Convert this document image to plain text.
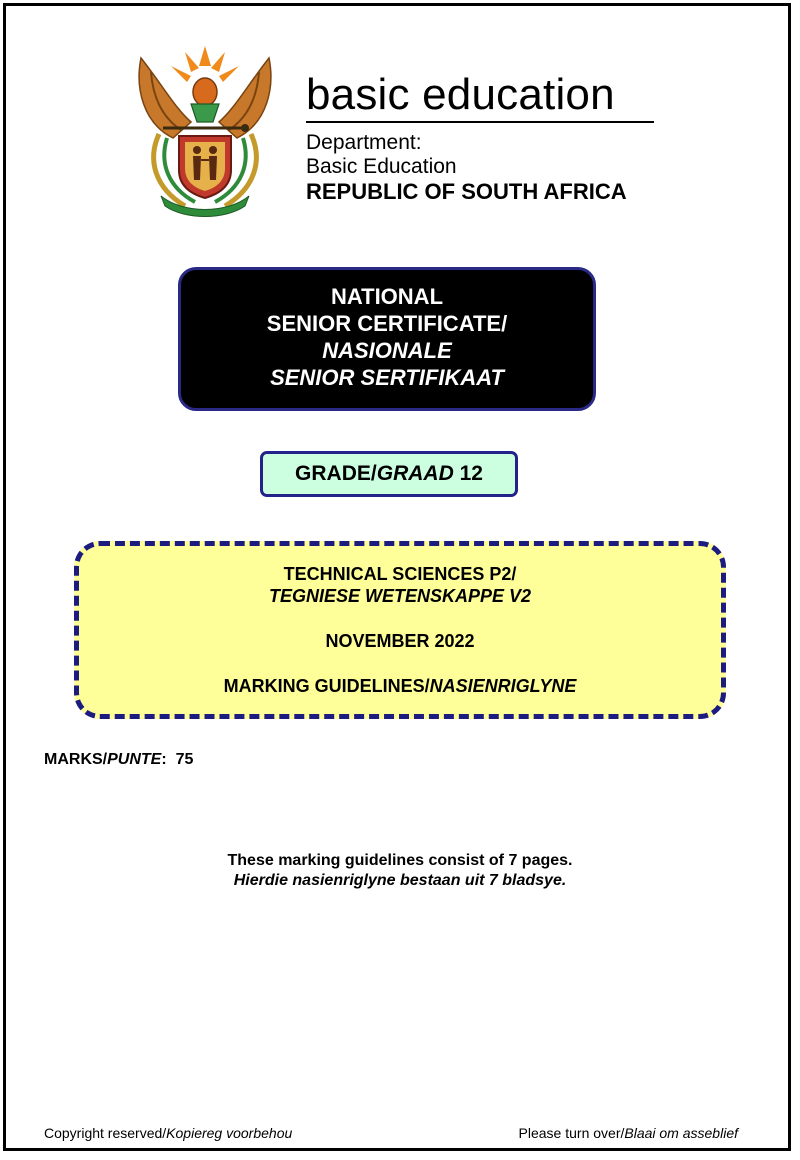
basic education
Department:
Basic Education
REPUBLIC OF SOUTH AFRICA
NATIONAL
SENIOR CERTIFICATE/
NASIONALE
SENIOR SERTIFIKAAT
GRADE/GRAAD 12
TECHNICAL SCIENCES P2/
TEGNIESE WETENSKAPPE V2
NOVEMBER 2022
MARKING GUIDELINES/NASIENRIGLYNE
MARKS/PUNTE: 75
These marking guidelines consist of 7 pages.
Hierdie nasienriglyne bestaan uit 7 bladsye.
Copyright reserved/Kopiereg voorbehou	Please turn over/Blaai om asseblief
